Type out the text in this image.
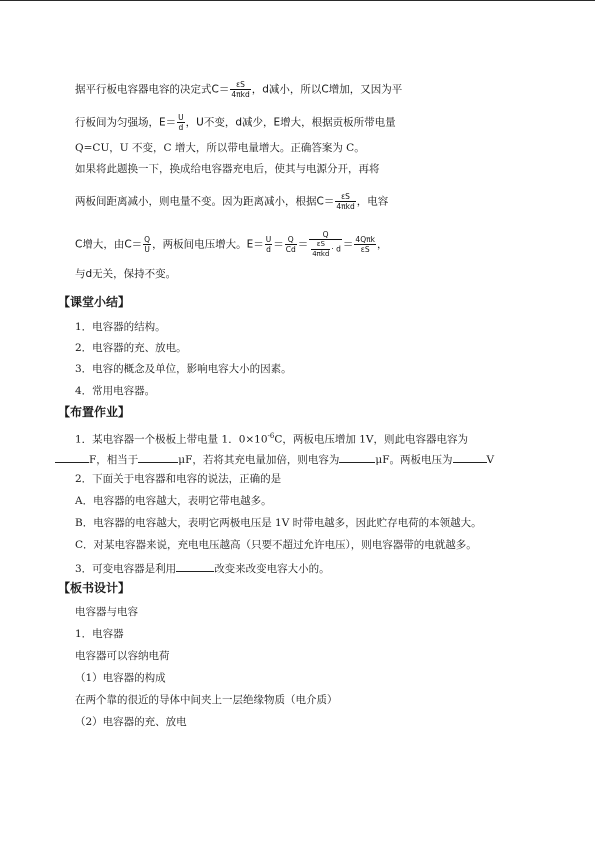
据平行板电容器电容的决定式$C= \frac{\varepsilon S}{\text{4πkd}}$ ，d减小，所以C增加，又因为平
行板间为匀强场，$E= \frac{U}{d}$ ，U不变，d减少，E增大，根据贡板所带电量
Q=CU，U 不变，C 增大，所以带电量增大。正确答案为 C。
如果将此题换一下，换成给电容器充电后，使其与电源分开，再将
两板间距离减小，则电量不变。因为距离减小，根据$C= \frac{\varepsilon S}{\text{4πkd}}$ ，电容
C增大，由$C= \frac{Q}{U}$ ，两板间电压增大。$E= \frac{U}{d} = \frac{Q}{Cd} = \frac{Q}{\frac{\varepsilon S}{\text{4πkd}} \cdot d} = \frac{\text{4Qπk}}{\varepsilon S}$ ，
与d无关，保持不变。
【课堂小结】
1．电容器的结构。
2．电容器的充、放电。
3．电容的概念及单位，影响电容大小的因素。
4．常用电容器。
【布置作业】
1．某电容器一个极板上带电量 1．$0\times 10^{-6}C$，两板电压增加 1V，则此电容器电容为
F，相当于	μF，若将其充电量加倍，则电容为	μF。两板电压为	V
2．下面关于电容器和电容的说法，正确的是
A．电容器的电容越大，表明它带电越多。
B．电容器的电容越大，表明它两极电压是 1V 时带电越多，因此贮存电荷的本领越大。
C．对某电容器来说，充电电压越高（只要不超过允许电压），则电容器带的电就越多。
3．可变电容器是利用	改变来改变电容大小的。
【板书设计】
电容器与电容
1．电容器
电容器可以容纳电荷
（1）电容器的构成
在两个靠的很近的导体中间夹上一层绝缘物质（电介质）
（2）电容器的充、放电
